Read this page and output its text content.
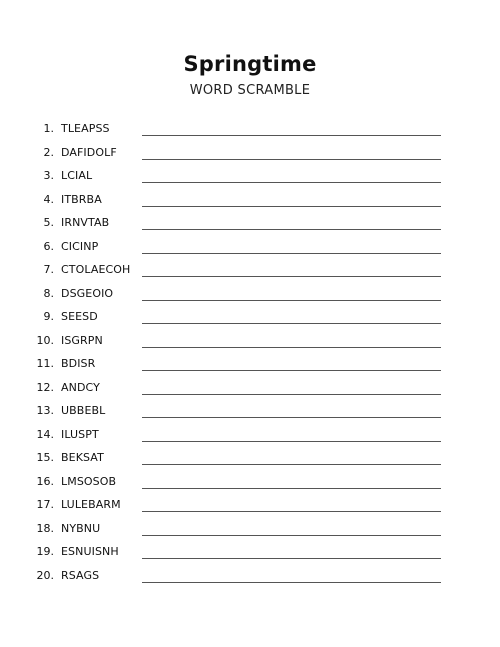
Springtime
WORD SCRAMBLE
1. TLEAPSS
2. DAFIDOLF
3. LCIAL
4. ITBRBA
5. IRNVTAB
6. CICINP
7. CTOLAECOH
8. DSGEOIO
9. SEESD
10. ISGRPN
11. BDISR
12. ANDCY
13. UBBEBL
14. ILUSPT
15. BEKSAT
16. LMSOSOB
17. LULEBARM
18. NYBNU
19. ESNUISNH
20. RSAGS
